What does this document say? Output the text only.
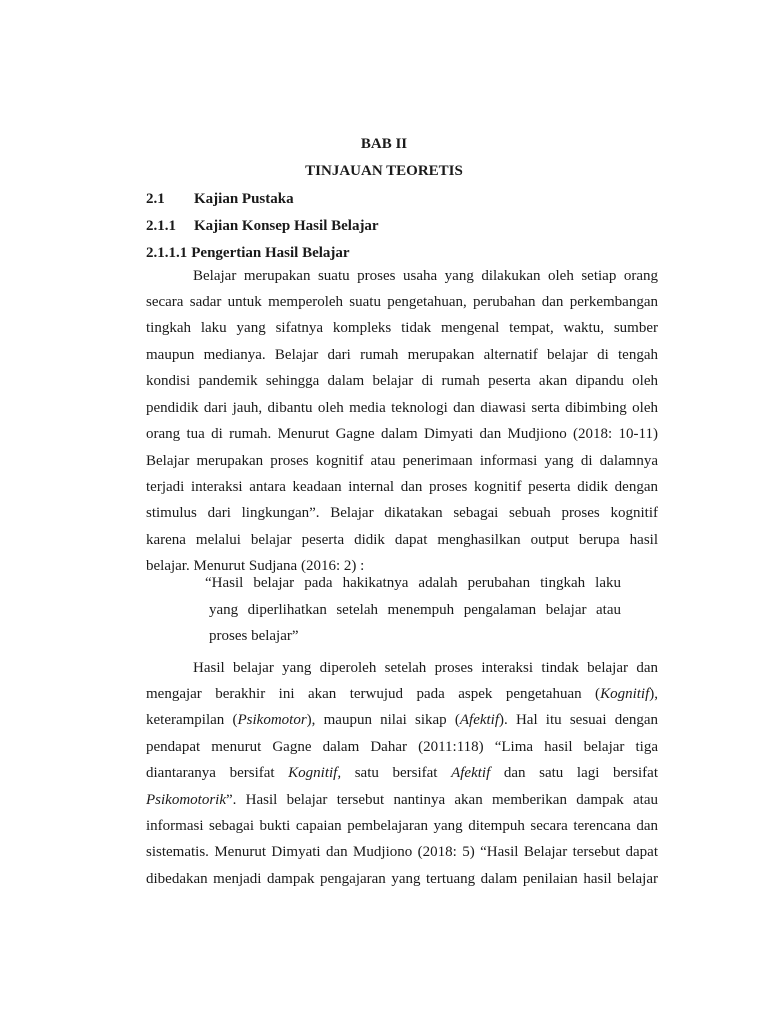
BAB II
TINJAUAN TEORETIS
2.1 Kajian Pustaka
2.1.1 Kajian Konsep Hasil Belajar
2.1.1.1 Pengertian Hasil Belajar
Belajar merupakan suatu proses usaha yang dilakukan oleh setiap orang
secara sadar untuk memperoleh suatu pengetahuan, perubahan dan perkembangan
tingkah laku yang sifatnya kompleks tidak mengenal tempat, waktu, sumber
maupun medianya. Belajar dari rumah merupakan alternatif belajar di tengah
kondisi pandemik sehingga dalam belajar di rumah peserta akan dipandu oleh
pendidik dari jauh, dibantu oleh media teknologi dan diawasi serta dibimbing oleh
orang tua di rumah. Menurut Gagne dalam Dimyati dan Mudjiono (2018: 10-11)
Belajar merupakan proses kognitif atau penerimaan informasi yang di dalamnya
terjadi interaksi antara keadaan internal dan proses kognitif peserta didik dengan
stimulus dari lingkungan”. Belajar dikatakan sebagai sebuah proses kognitif
karena melalui belajar peserta didik dapat menghasilkan output berupa hasil
belajar. Menurut Sudjana (2016: 2) :
“Hasil belajar pada hakikatnya adalah perubahan tingkah laku
yang diperlihatkan setelah menempuh pengalaman belajar atau
proses belajar”
Hasil belajar yang diperoleh setelah proses interaksi tindak belajar dan
mengajar berakhir ini akan terwujud pada aspek pengetahuan (Kognitif),
keterampilan (Psikomotor), maupun nilai sikap (Afektif). Hal itu sesuai dengan
pendapat menurut Gagne dalam Dahar (2011:118) “Lima hasil belajar tiga
diantaranya bersifat Kognitif, satu bersifat Afektif dan satu lagi bersifat
Psikomotorik”. Hasil belajar tersebut nantinya akan memberikan dampak atau
informasi sebagai bukti capaian pembelajaran yang ditempuh secara terencana dan
sistematis. Menurut Dimyati dan Mudjiono (2018: 5) “Hasil Belajar tersebut dapat
dibedakan menjadi dampak pengajaran yang tertuang dalam penilaian hasil belajar
